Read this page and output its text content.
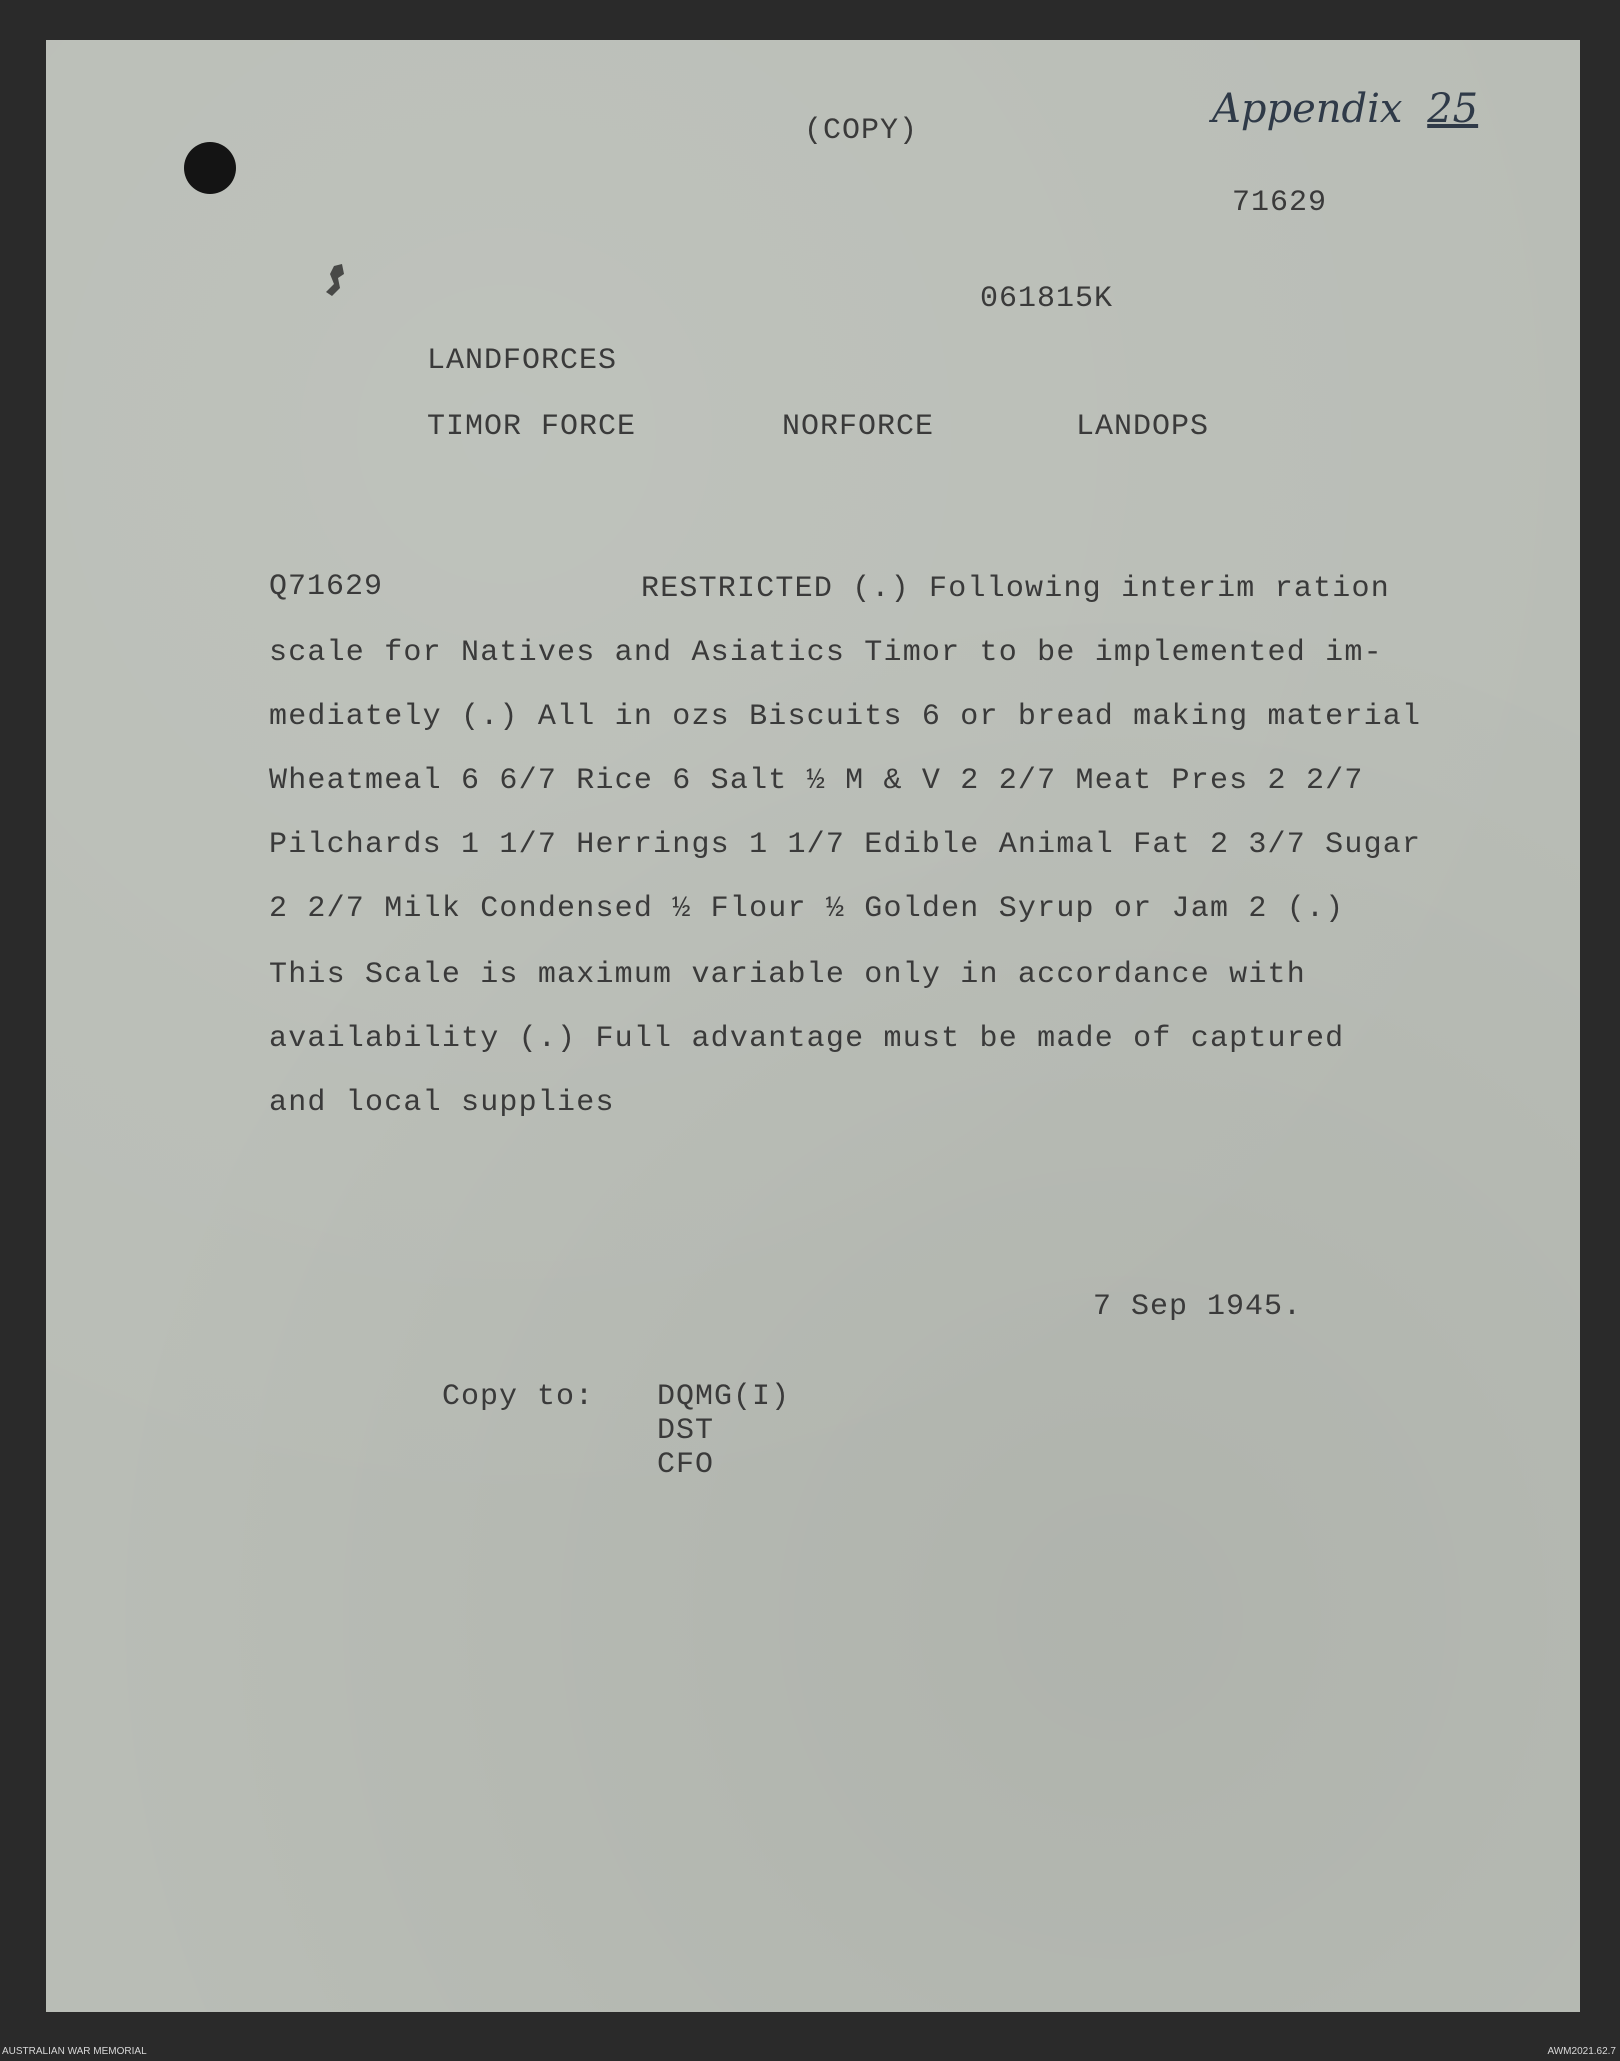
(COPY)	Appendix 25
71629
061815K
LANDFORCES
TIMOR FORCE	NORFORCE	LANDOPS
Q71629	RESTRICTED (.) Following interim ration
scale for Natives and Asiatics Timor to be implemented im-
mediately (.) All in ozs Biscuits 6 or bread making material
Wheatmeal 6 6/7 Rice 6 Salt ½ M & V 2 2/7 Meat Pres 2 2/7
Pilchards 1 1/7 Herrings 1 1/7 Edible Animal Fat 2 3/7 Sugar
2 2/7 Milk Condensed ½ Flour ½ Golden Syrup or Jam 2 (.)
This Scale is maximum variable only in accordance with
availability (.) Full advantage must be made of captured
and local supplies
7 Sep 1945.
Copy to: DQMG(I)
DST
CFO
AUSTRALIAN WAR MEMORIAL	AWM2021.62.7
